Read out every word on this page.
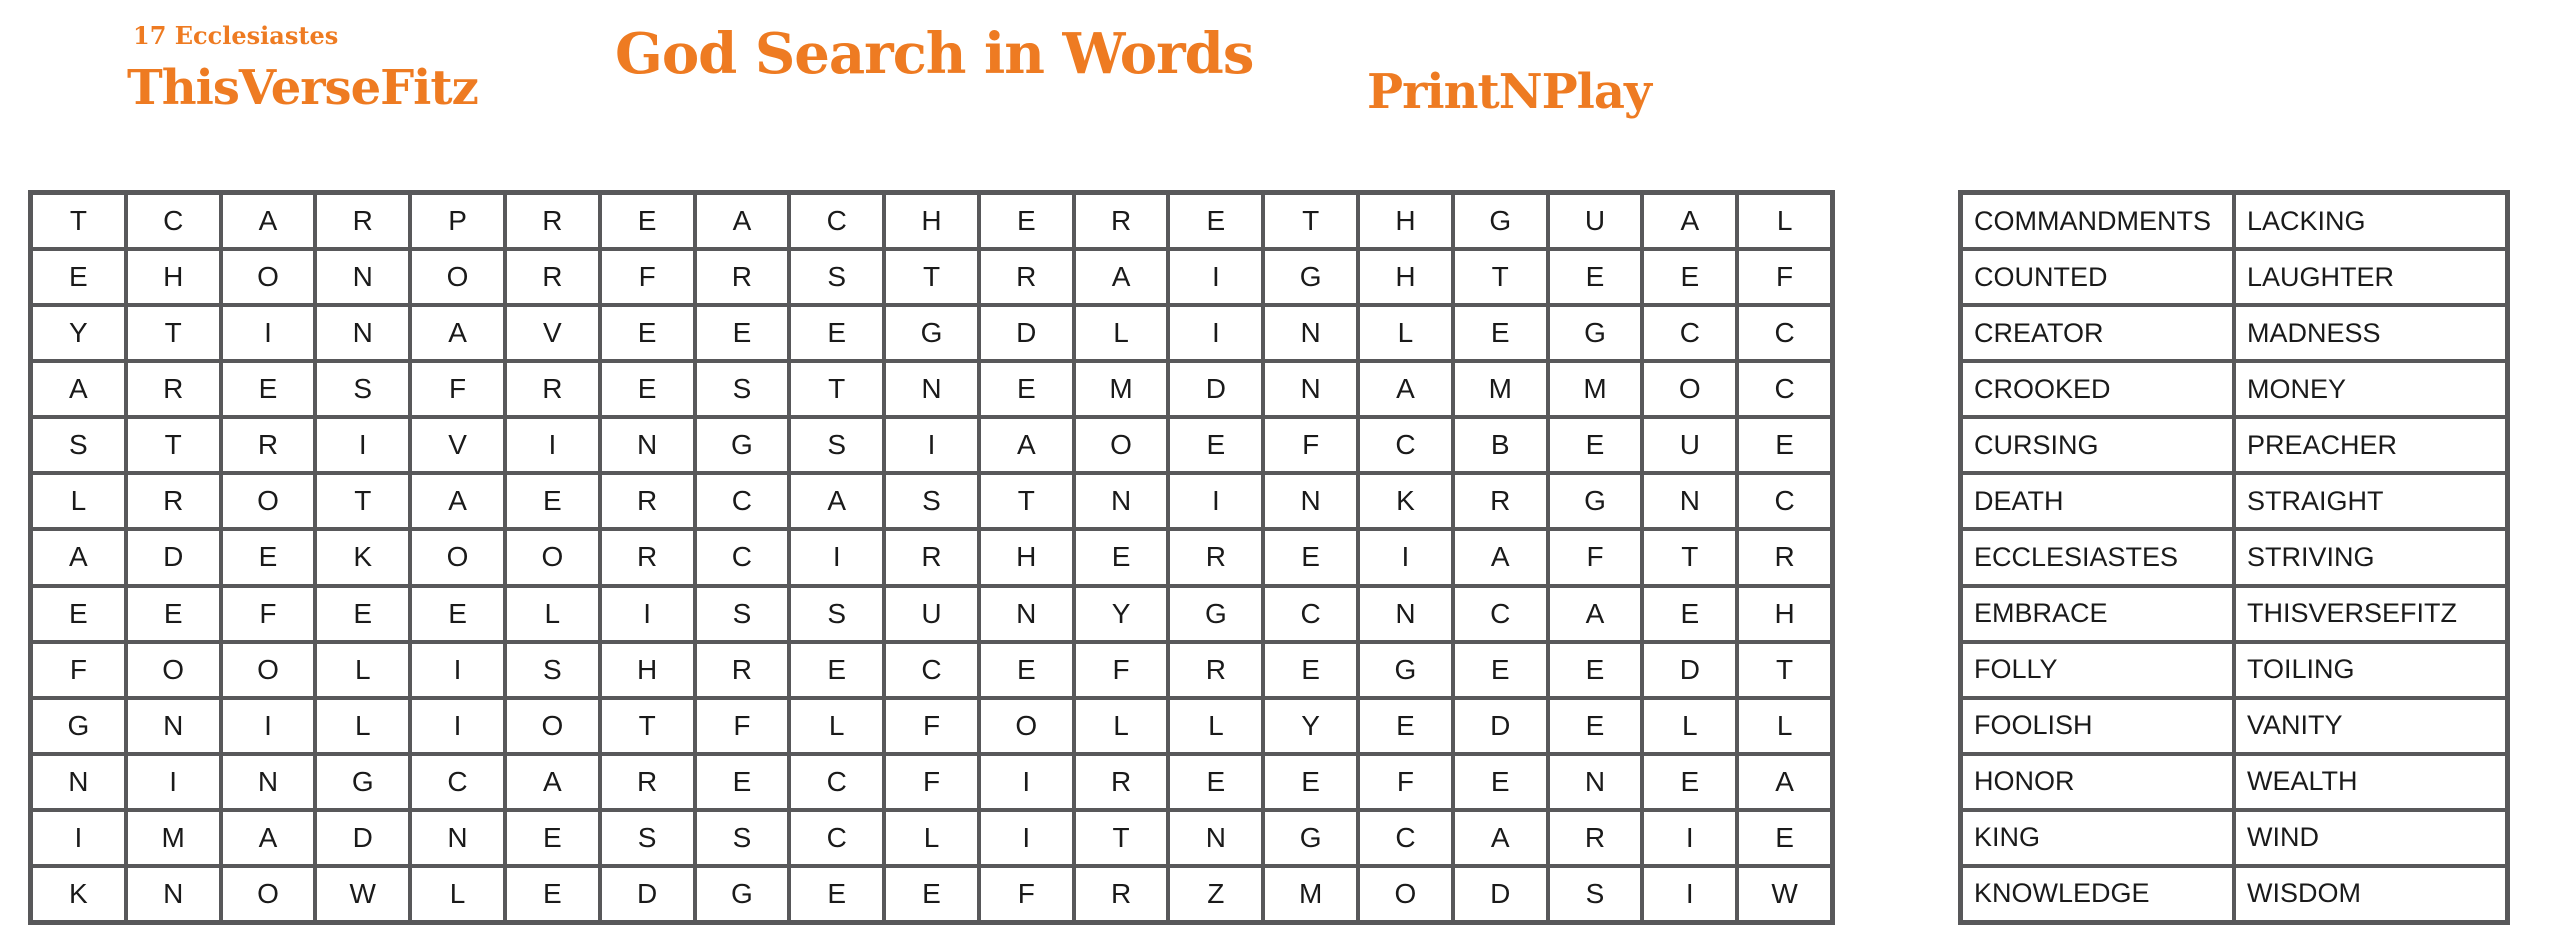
17 Ecclesiastes
ThisVerseFitz
God Search in Words
PrintNPlay
T	C	A	R	P	R	E	A	C	H	E	R	E	T	H	G	U	A	L
E	H	O	N	O	R	F	R	S	T	R	A	I	G	H	T	E	E	F
Y	T	I	N	A	V	E	E	E	G	D	L	I	N	L	E	G	C	C
A	R	E	S	F	R	E	S	T	N	E	M	D	N	A	M	M	O	C
S	T	R	I	V	I	N	G	S	I	A	O	E	F	C	B	E	U	E
L	R	O	T	A	E	R	C	A	S	T	N	I	N	K	R	G	N	C
A	D	E	K	O	O	R	C	I	R	H	E	R	E	I	A	F	T	R
E	E	F	E	E	L	I	S	S	U	N	Y	G	C	N	C	A	E	H
F	O	O	L	I	S	H	R	E	C	E	F	R	E	G	E	E	D	T
G	N	I	L	I	O	T	F	L	F	O	L	L	Y	E	D	E	L	L
N	I	N	G	C	A	R	E	C	F	I	R	E	E	F	E	N	E	A
I	M	A	D	N	E	S	S	C	L	I	T	N	G	C	A	R	I	E
K	N	O	W	L	E	D	G	E	E	F	R	Z	M	O	D	S	I	W
COMMANDMENTS	LACKING
COUNTED	LAUGHTER
CREATOR	MADNESS
CROOKED	MONEY
CURSING	PREACHER
DEATH	STRAIGHT
ECCLESIASTES	STRIVING
EMBRACE	THISVERSEFITZ
FOLLY	TOILING
FOOLISH	VANITY
HONOR	WEALTH
KING	WIND
KNOWLEDGE	WISDOM
